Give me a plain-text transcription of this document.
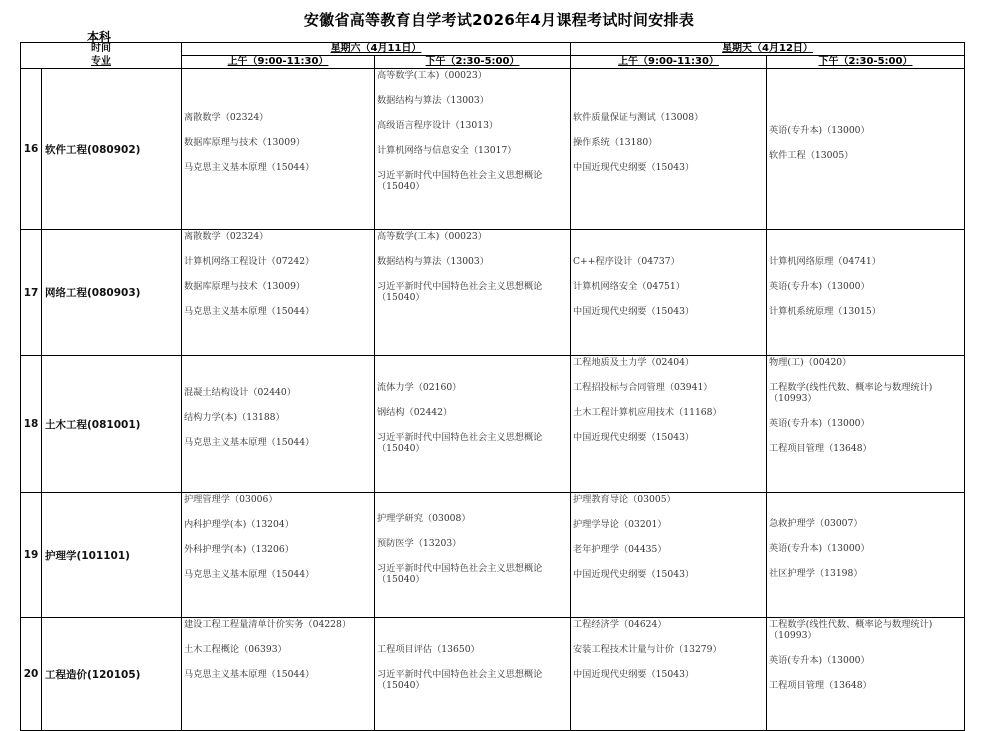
安徽省高等教育自学考试2026年4月课程考试时间安排表
本科
时间
专业		星期六（4月11日）		星期天（4月12日）	
		上午（9:00-11:30）	下午（2:30-5:00）	上午（9:00-11:30）	下午（2:30-5:00）
16	软件工程(080902)	
离散数学（02324）
数据库原理与技术（13009）
马克思主义基本原理（15044）

高等数学(工本)（00023）
数据结构与算法（13003）
高级语言程序设计（13013）
计算机网络与信息安全（13017）
习近平新时代中国特色社会主义思想概论（15040）

软件质量保证与测试（13008）
操作系统（13180）
中国近现代史纲要（15043）

英语(专升本)（13000）
软件工程（13005）

17	网络工程(080903)	
离散数学（02324）
计算机网络工程设计（07242）
数据库原理与技术（13009）
马克思主义基本原理（15044）

高等数学(工本)（00023）
数据结构与算法（13003）
习近平新时代中国特色社会主义思想概论（15040）

C++程序设计（04737）
计算机网络安全（04751）
中国近现代史纲要（15043）

计算机网络原理（04741）
英语(专升本)（13000）
计算机系统原理（13015）

18	土木工程(081001)	
混凝土结构设计（02440）
结构力学(本)（13188）
马克思主义基本原理（15044）

流体力学（02160）
钢结构（02442）
习近平新时代中国特色社会主义思想概论（15040）

工程地质及土力学（02404）
工程招投标与合同管理（03941）
土木工程计算机应用技术（11168）
中国近现代史纲要（15043）

物理(工)（00420）
工程数学(线性代数、概率论与数理统计)（10993）
英语(专升本)（13000）
工程项目管理（13648）

19	护理学(101101)	
护理管理学（03006）
内科护理学(本)（13204）
外科护理学(本)（13206）
马克思主义基本原理（15044）

护理学研究（03008）
预防医学（13203）
习近平新时代中国特色社会主义思想概论（15040）

护理教育导论（03005）
护理学导论（03201）
老年护理学（04435）
中国近现代史纲要（15043）

急救护理学（03007）
英语(专升本)（13000）
社区护理学（13198）

20	工程造价(120105)	
建设工程工程量清单计价实务（04228）
土木工程概论（06393）
马克思主义基本原理（15044）

工程项目评估（13650）
习近平新时代中国特色社会主义思想概论（15040）

工程经济学（04624）
安装工程技术计量与计价（13279）
中国近现代史纲要（15043）

工程数学(线性代数、概率论与数理统计)（10993）
英语(专升本)（13000）
工程项目管理（13648）
